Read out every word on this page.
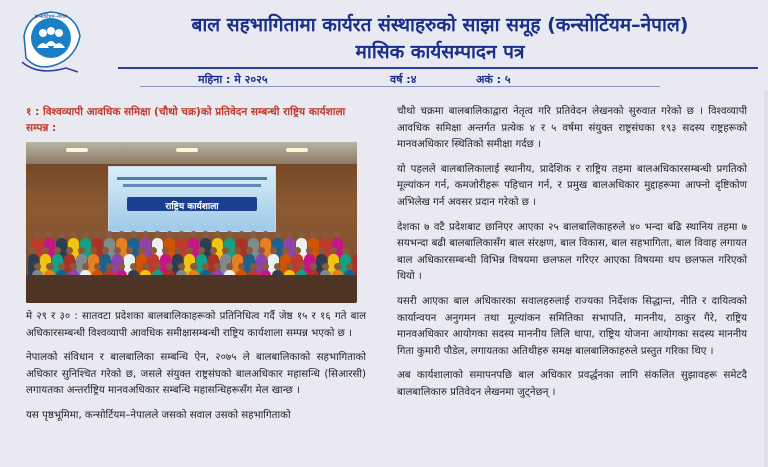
कन्सोर्टियम–नेपाल	बाल सहभागितामा कार्यरत संस्थाहरुको साझा समूह (कन्सोर्टियम–नेपाल)
मासिक कार्यसम्पादन पत्र
महिना : मे २०२५	वर्ष :४	अकं : ५

१ : विश्वव्यापी आवधिक समिक्षा (चौथो चक्र)को प्रतिवेदन सम्बन्धी राष्ट्रिय कार्यशाला सम्पन्न :

राष्ट्रिय कार्यशाला

मे २९ र ३० : सातवटा प्रदेशका बालबालिकाहरूको प्रतिनिधित्व गर्दै जेष्ठ १५ र १६ गते बाल अधिकारसम्बन्धी विश्वव्यापी आवधिक समीक्षासम्बन्धी राष्ट्रिय कार्यशाला सम्पन्न भएको छ ।

नेपालको संविधान र बालबालिका सम्बन्धि ऐन, २०७५ ले बालबालिकाको सहभागिताको अधिकार सुनिश्चित गरेको छ, जसले संयुक्त राष्ट्रसंघको बालअधिकार महासन्धि (सिआरसी) लगायतका अन्तर्राष्ट्रिय मानवअधिकार सम्बन्धि महासन्धिहरूसँग मेल खान्छ ।

यस पृष्ठभूमिमा, कन्सोर्टियम–नेपालले जसको सवाल उसको सहभागिताको

चौथो चक्रमा बालबालिकाद्वारा नेतृत्व गरि प्रतिवेदन लेखनको सुरुवात गरेको छ । विश्वव्यापी आवधिक समिक्षा अन्तर्गत प्रत्येक ४ र ५ वर्षमा संयुक्त राष्ट्रसंघका १९३ सदस्य राष्ट्रहरूको मानवअधिकार स्थितिको समीक्षा गर्दछ ।

यो पहलले बालबालिकालाई स्थानीय, प्रादेशिक र राष्ट्रिय तहमा बालअधिकारसम्बन्धी प्रगतिको मूल्यांकन गर्न, कमजोरीहरू पहिचान गर्न, र प्रमुख बालअधिकार मुद्दाहरूमा आफ्नो दृष्टिकोण अभिलेख गर्न अवसर प्रदान गरेको छ ।

देशका ७ वटै प्रदेशबाट छानिएर आएका २५ बालबालिकाहरुले ४० भन्दा बढि स्थानिय तहमा ७ सयभन्दा बढी बालबालिकासँग बाल संरक्षण, बाल विकास, बाल सहभागिता, बाल विवाह लगायत बाल अधिकारसम्बन्धी विभिन्न विषयमा छलफल गरिएर आएका विषयमा थप छलफल गरिएको थियो ।

यसरी आएका बाल अधिकारका सवालहरुलाई राज्यका निर्देशक सिद्धान्त, नीति र दायित्वको कार्यान्वयन अनुगमन तथा मूल्यांकन समितिका सभापति, माननीय, ठाकुर गैरे, राष्ट्रिय मानवअधिकार आयोगका सदस्य माननीय लिलि थापा, राष्ट्रिय योजना आयोगका सदस्य माननीय गिता कुमारी पौडेल, लगायतका अतिथीहरु समक्ष बालबालिकाहरुले प्रस्तुत गरिका थिए ।

अब कार्यशालाको समापनपछि बाल अधिकार प्रवर्द्धनका लागि संकलित सुझावहरू समेटदै बालबालिकारु प्रतिवेदन लेखनमा जुट्नेछन् ।
